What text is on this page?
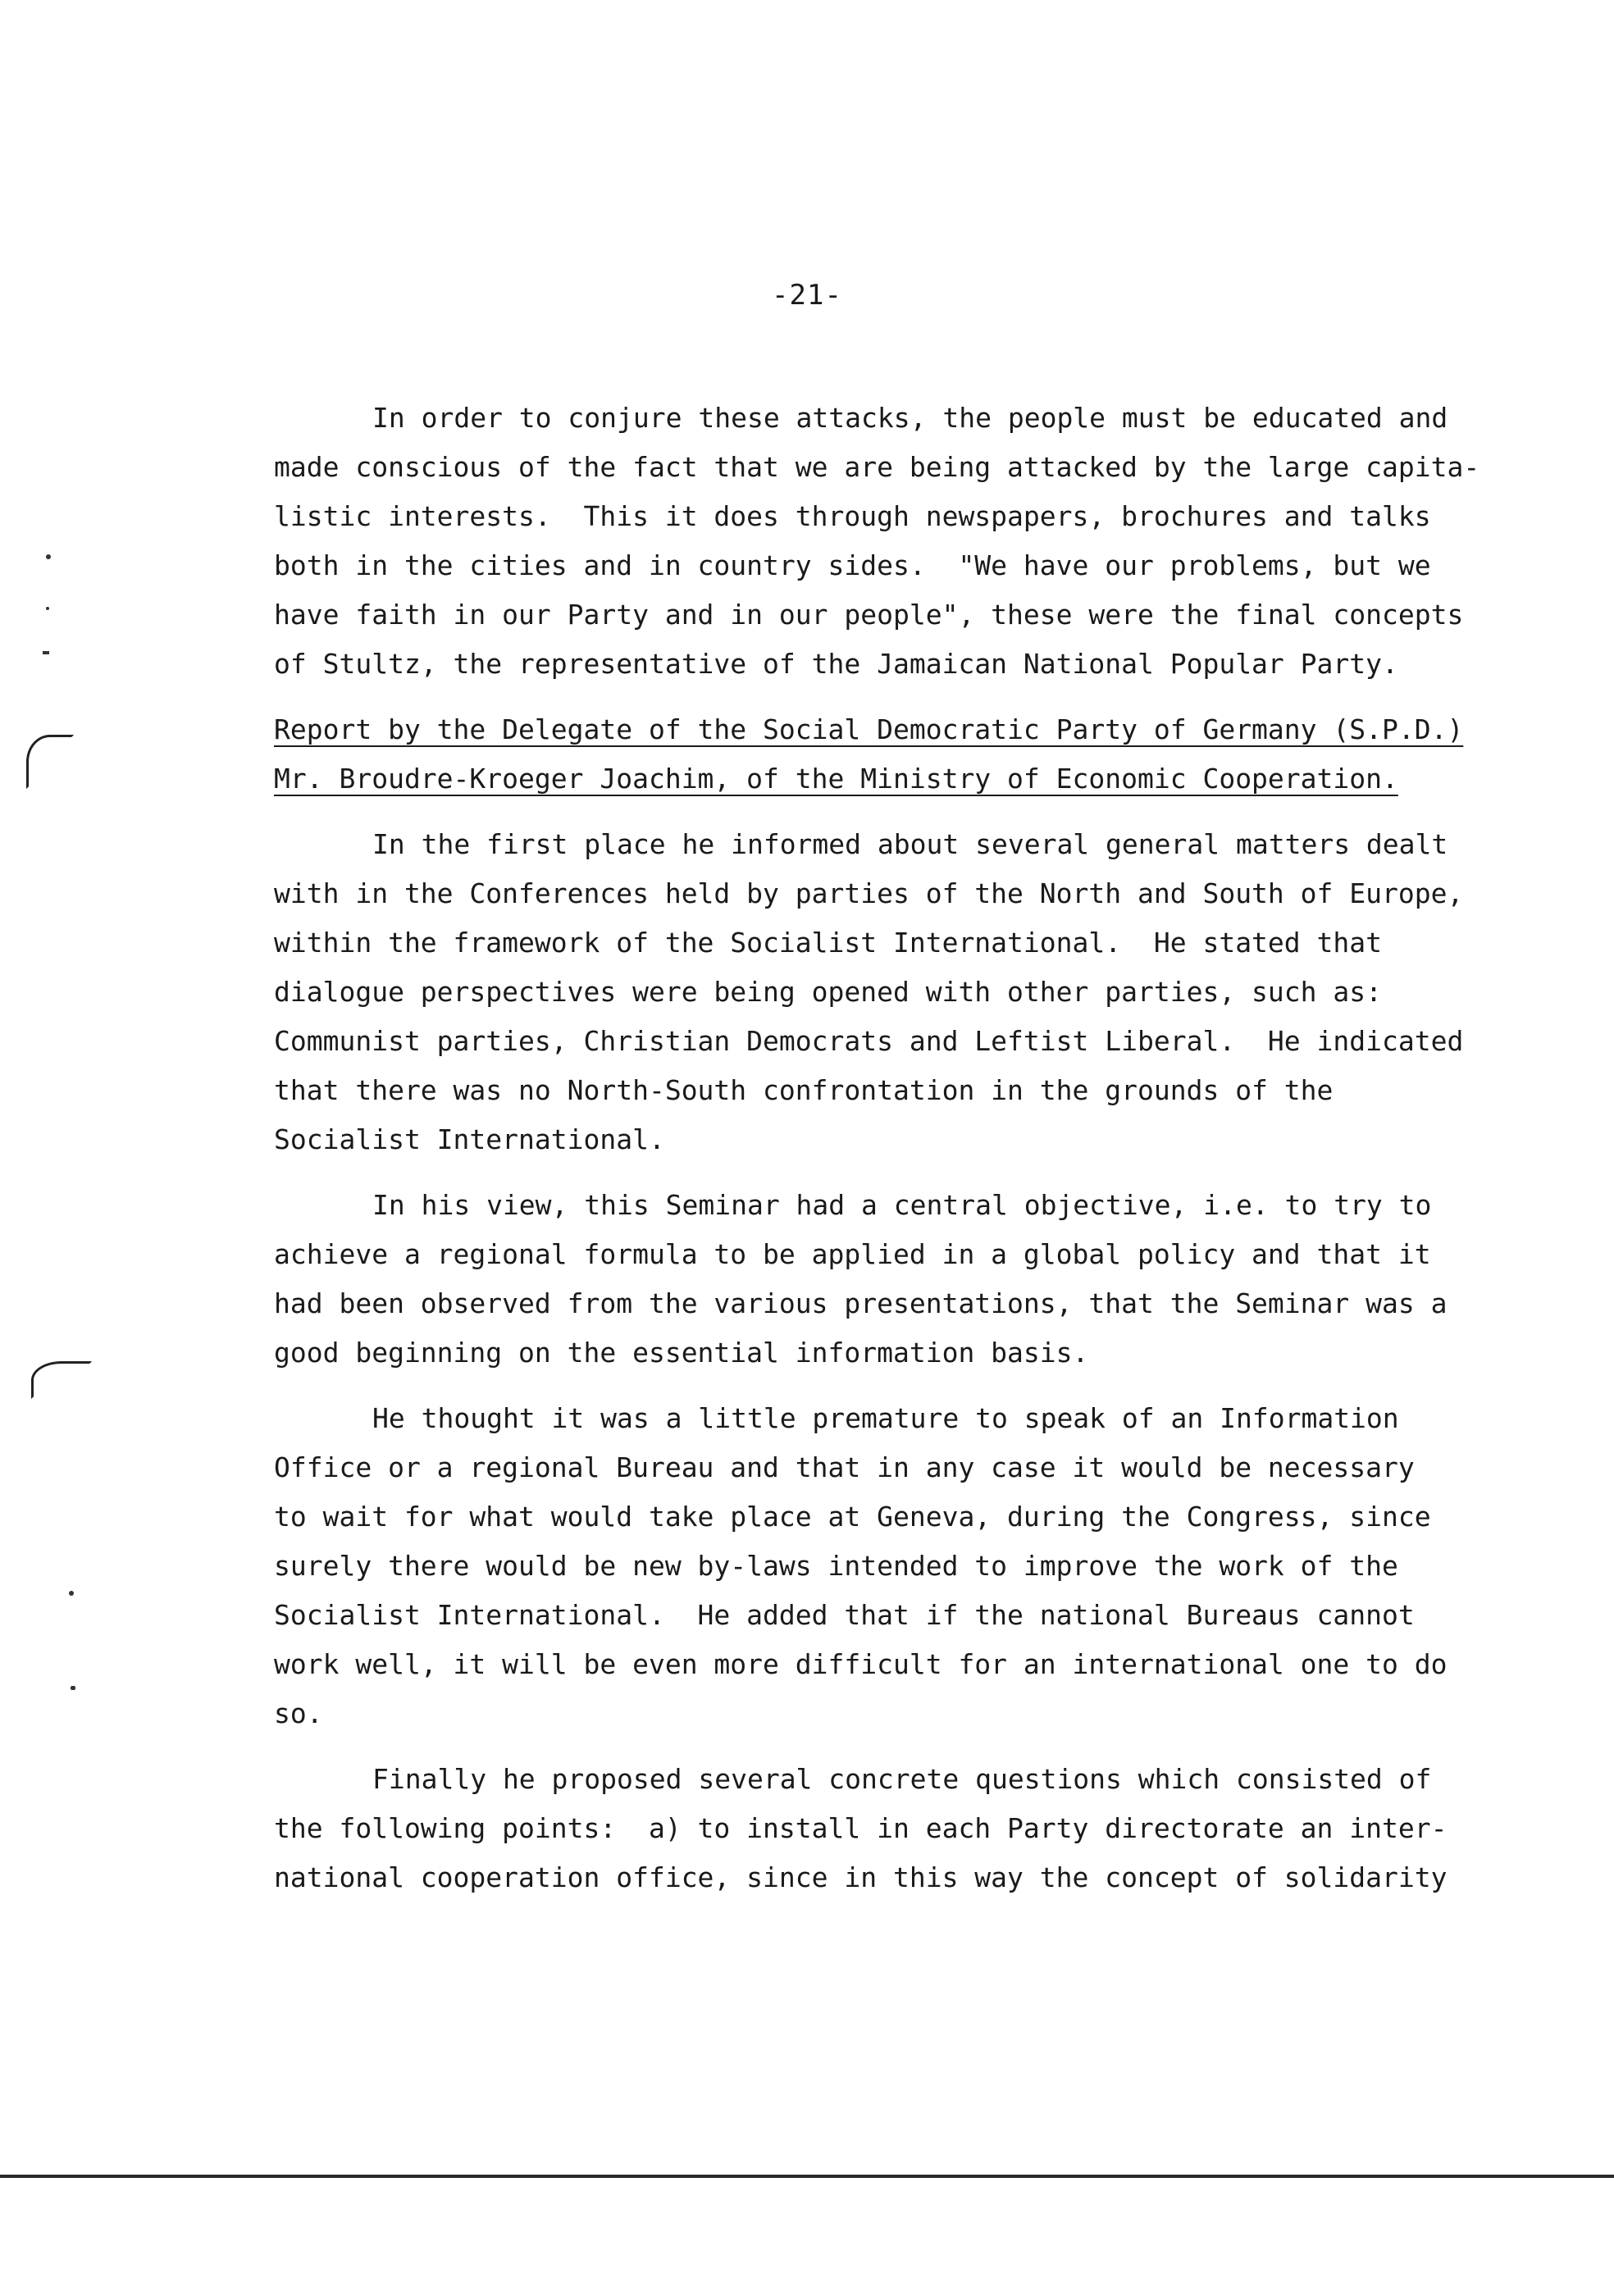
-21-
In order to conjure these attacks, the people must be educated and
made conscious of the fact that we are being attacked by the large capita-
listic interests.  This it does through newspapers, brochures and talks
both in the cities and in country sides.  "We have our problems, but we
have faith in our Party and in our people", these were the final concepts
of Stultz, the representative of the Jamaican National Popular Party.
Report by the Delegate of the Social Democratic Party of Germany (S.P.D.)
Mr. Broudre-Kroeger Joachim, of the Ministry of Economic Cooperation.
In the first place he informed about several general matters dealt
with in the Conferences held by parties of the North and South of Europe,
within the framework of the Socialist International.  He stated that
dialogue perspectives were being opened with other parties, such as:
Communist parties, Christian Democrats and Leftist Liberal.  He indicated
that there was no North-South confrontation in the grounds of the
Socialist International.
In his view, this Seminar had a central objective, i.e. to try to
achieve a regional formula to be applied in a global policy and that it
had been observed from the various presentations, that the Seminar was a
good beginning on the essential information basis.
He thought it was a little premature to speak of an Information
Office or a regional Bureau and that in any case it would be necessary
to wait for what would take place at Geneva, during the Congress, since
surely there would be new by-laws intended to improve the work of the
Socialist International.  He added that if the national Bureaus cannot
work well, it will be even more difficult for an international one to do
so.
Finally he proposed several concrete questions which consisted of
the following points:  a) to install in each Party directorate an inter-
national cooperation office, since in this way the concept of solidarity
